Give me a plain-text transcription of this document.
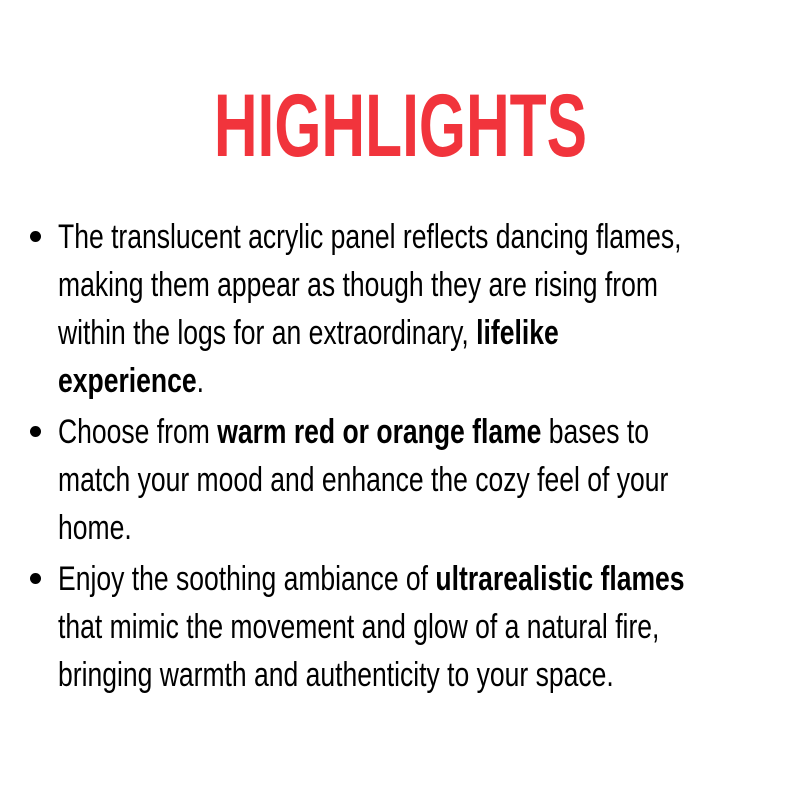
HIGHLIGHTS
The translucent acrylic panel reflects dancing flames,
making them appear as though they are rising from
within the logs for an extraordinary, lifelike
experience.
Choose from warm red or orange flame bases to
match your mood and enhance the cozy feel of your
home.
Enjoy the soothing ambiance of ultrarealistic flames
that mimic the movement and glow of a natural fire,
bringing warmth and authenticity to your space.
